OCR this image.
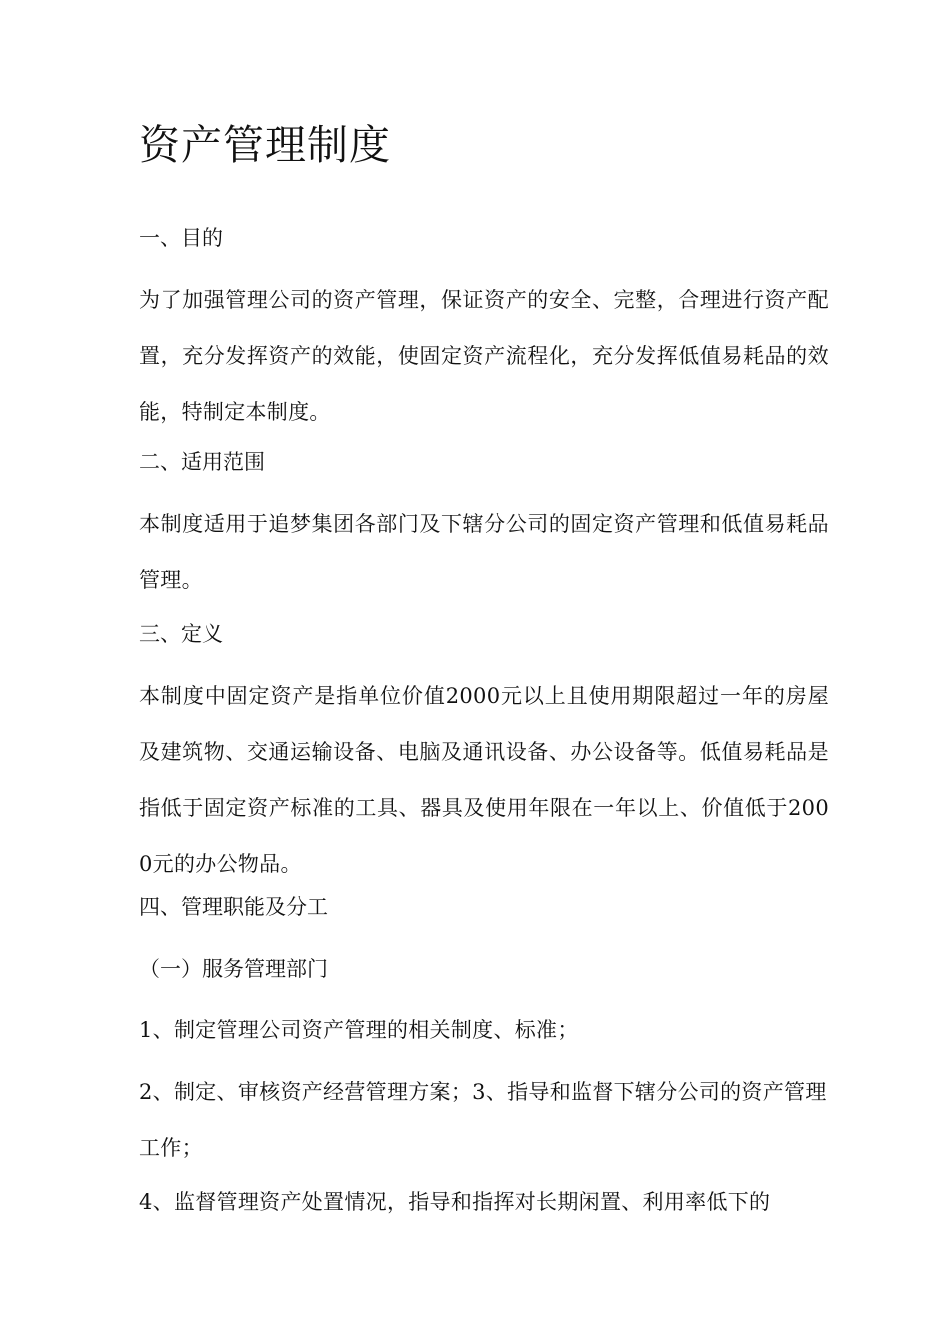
资产管理制度
一、目的

为了加强管理公司的资产管理，保证资产的安全、完整，合理进行资产配置，充分发挥资产的效能，使固定资产流程化，充分发挥低值易耗品的效能，特制定本制度。

二、适用范围

本制度适用于追梦集团各部门及下辖分公司的固定资产管理和低值易耗品管理。

三、定义

本制度中固定资产是指单位价值2000元以上且使用期限超过一年的房屋及建筑物、交通运输设备、电脑及通讯设备、办公设备等。低值易耗品是指低于固定资产标准的工具、器具及使用年限在一年以上、价值低于2000元的办公物品。

四、管理职能及分工
（一）服务管理部门

1、制定管理公司资产管理的相关制度、标准；

2、制定、审核资产经营管理方案；3、指导和监督下辖分公司的资产管理工作；

4、监督管理资产处置情况，指导和指挥对长期闲置、利用率低下的
